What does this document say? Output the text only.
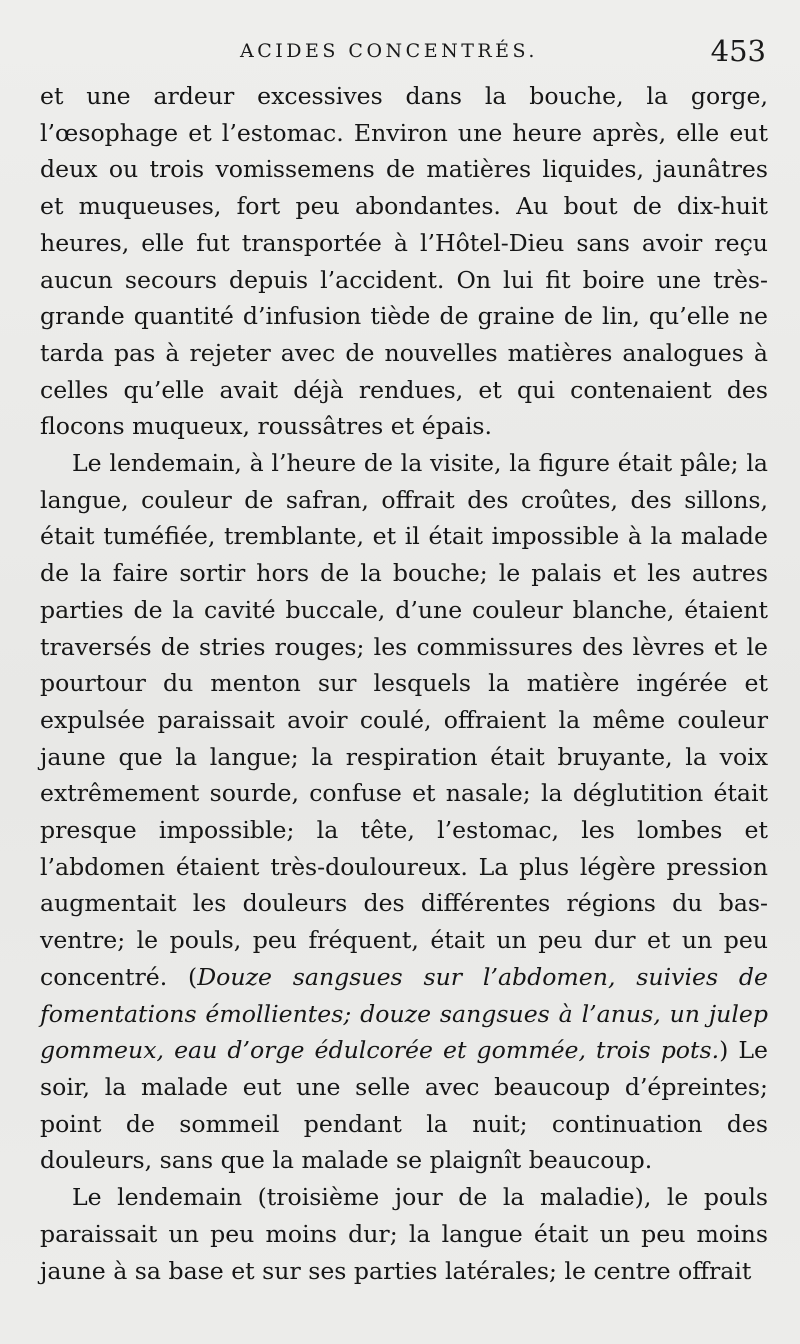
ACIDES CONCENTRÉS.	453

et une ardeur excessives dans la bouche, la gorge, l’œsophage et l’estomac. Environ une heure après, elle eut deux ou trois vomissemens de matières liquides, jaunâtres et muqueuses, fort peu abondantes. Au bout de dix-huit heures, elle fut transportée à l’Hôtel-Dieu sans avoir reçu aucun secours depuis l’accident. On lui fit boire une très-grande quantité d’infusion tiède de graine de lin, qu’elle ne tarda pas à rejeter avec de nouvelles matières analogues à celles qu’elle avait déjà rendues, et qui contenaient des flocons muqueux, roussâtres et épais.

Le lendemain, à l’heure de la visite, la figure était pâle; la langue, couleur de safran, offrait des croûtes, des sillons, était tuméfiée, tremblante, et il était impossible à la malade de la faire sortir hors de la bouche; le palais et les autres parties de la cavité buccale, d’une couleur blanche, étaient traversés de stries rouges; les commissures des lèvres et le pourtour du menton sur lesquels la matière ingérée et expulsée paraissait avoir coulé, offraient la même couleur jaune que la langue; la respiration était bruyante, la voix extrêmement sourde, confuse et nasale; la déglutition était presque impossible; la tête, l’estomac, les lombes et l’abdomen étaient très-douloureux. La plus légère pression augmentait les douleurs des différentes régions du bas-ventre; le pouls, peu fréquent, était un peu dur et un peu concentré. (Douze sangsues sur l’abdomen, suivies de fomentations émollientes; douze sangsues à l’anus, un julep gommeux, eau d’orge édulcorée et gommée, trois pots.) Le soir, la malade eut une selle avec beaucoup d’épreintes; point de sommeil pendant la nuit; continuation des douleurs, sans que la malade se plaignît beaucoup.

Le lendemain (troisième jour de la maladie), le pouls paraissait un peu moins dur; la langue était un peu moins jaune à sa base et sur ses parties latérales; le centre offrait
